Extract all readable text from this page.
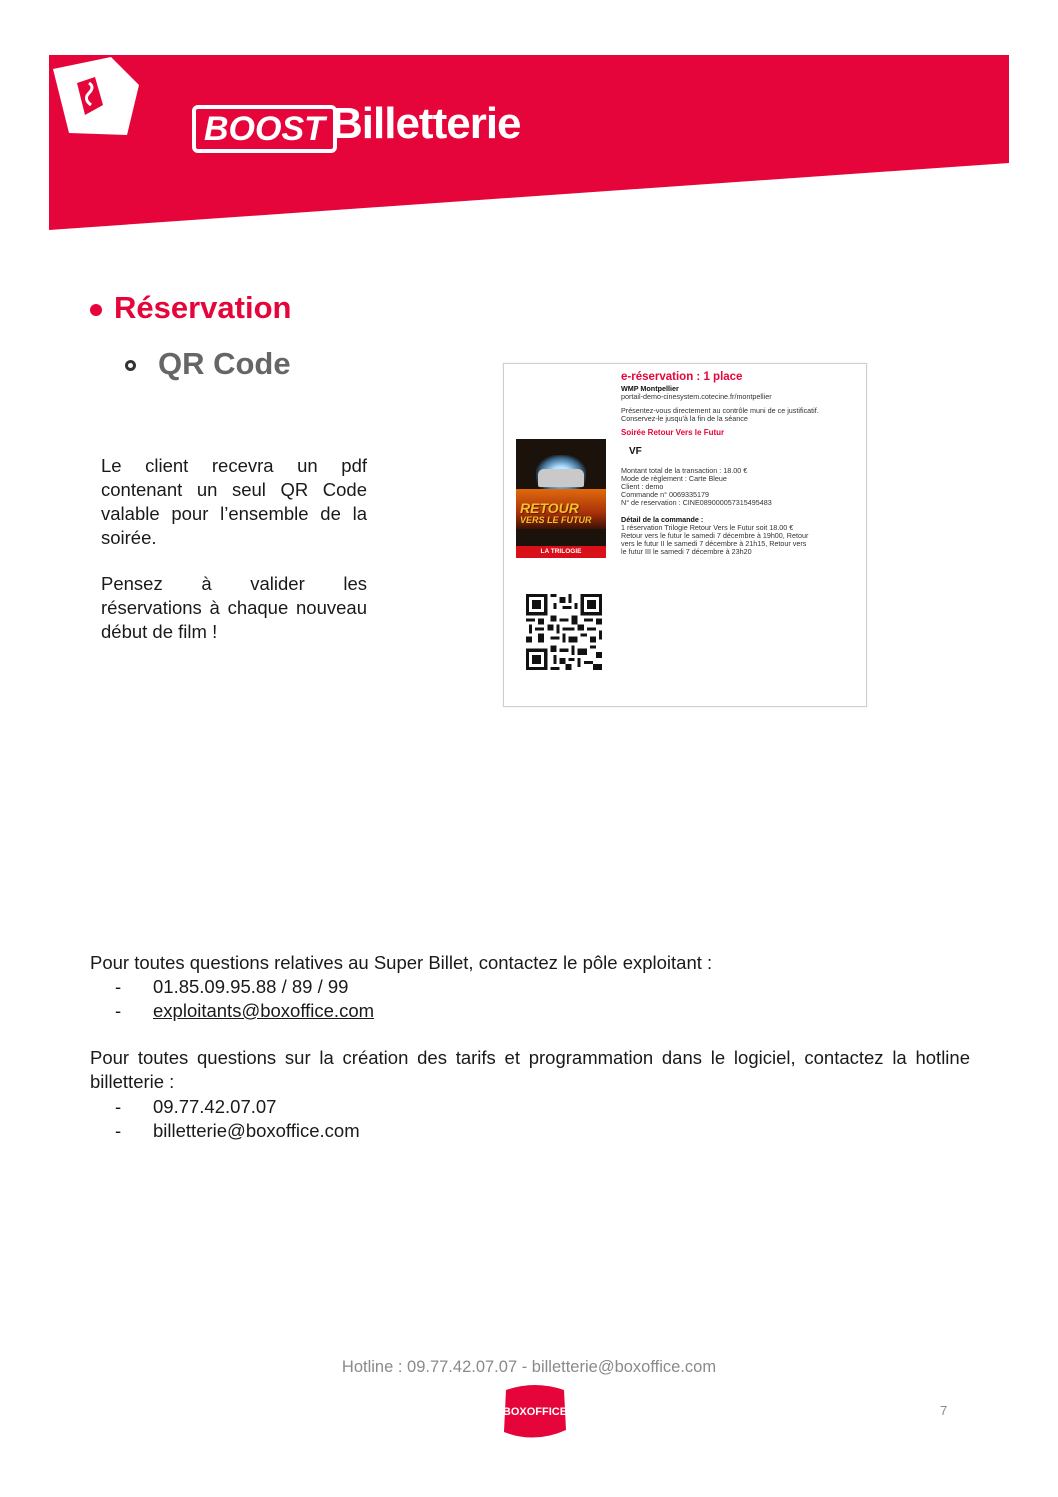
BOOST Billetterie
Réservation
QR Code
Le client recevra un pdf contenant un seul QR Code valable pour l’ensemble de la soirée.
Pensez à valider les réservations à chaque nouveau début de film !
e-réservation : 1 place
WMP Montpellier
portail-demo-cinesystem.cotecine.fr/montpellier
Présentez-vous directement au contrôle muni de ce justificatif.
Conservez-le jusqu'à la fin de la séance
Soirée Retour Vers le Futur
VF
Montant total de la transaction : 18.00 €
Mode de règlement : Carte Bleue
Client : demo
Commande n° 0069335179
N° de reservation : CINE0890000573154954​83
Détail de la commande :
1 réservation Trilogie Retour Vers le Futur soit 18.00 €
Retour vers le futur le samedi 7 décembre à 19h00, Retour
vers le futur II le samedi 7 décembre à 21h15, Retour vers
le futur III le samedi 7 décembre à 23h20
RETOUR
VERS LE FUTUR
LA TRILOGIE
Pour toutes questions relatives au Super Billet, contactez le pôle exploitant :
- 01.85.09.95.88 / 89 / 99
- exploitants@boxoffice.com
Pour toutes questions sur la création des tarifs et programmation dans le logiciel, contactez la hotline billetterie :
- 09.77.42.07.07
- billetterie@boxoffice.com
Hotline : 09.77.42.07.07 - billetterie@boxoffice.com
BOXOFFICE	7
